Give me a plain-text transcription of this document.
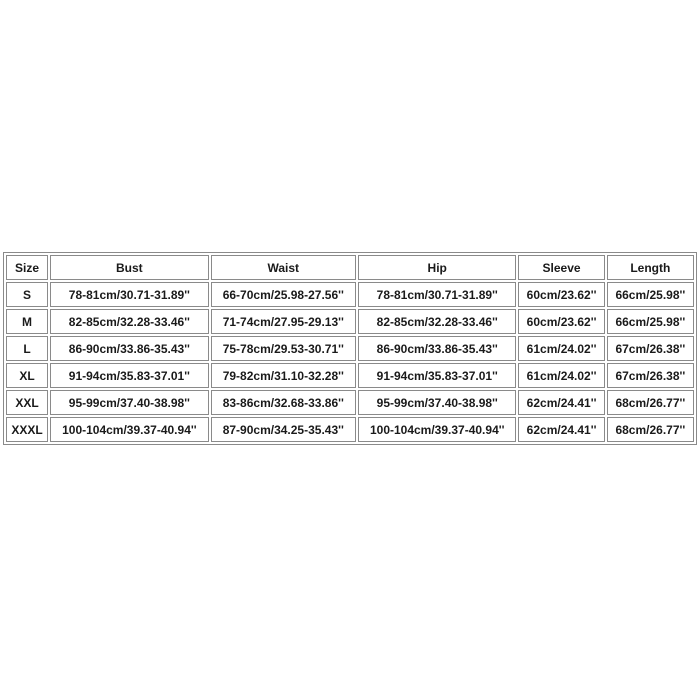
Size	Bust	Waist	Hip	Sleeve	Length
S	78-81cm/30.71-31.89''	66-70cm/25.98-27.56''	78-81cm/30.71-31.89''	60cm/23.62''	66cm/25.98''
M	82-85cm/32.28-33.46''	71-74cm/27.95-29.13''	82-85cm/32.28-33.46''	60cm/23.62''	66cm/25.98''
L	86-90cm/33.86-35.43''	75-78cm/29.53-30.71''	86-90cm/33.86-35.43''	61cm/24.02''	67cm/26.38''
XL	91-94cm/35.83-37.01''	79-82cm/31.10-32.28''	91-94cm/35.83-37.01''	61cm/24.02''	67cm/26.38''
XXL	95-99cm/37.40-38.98''	83-86cm/32.68-33.86''	95-99cm/37.40-38.98''	62cm/24.41''	68cm/26.77''
XXXL	100-104cm/39.37-40.94''	87-90cm/34.25-35.43''	100-104cm/39.37-40.94''	62cm/24.41''	68cm/26.77''
